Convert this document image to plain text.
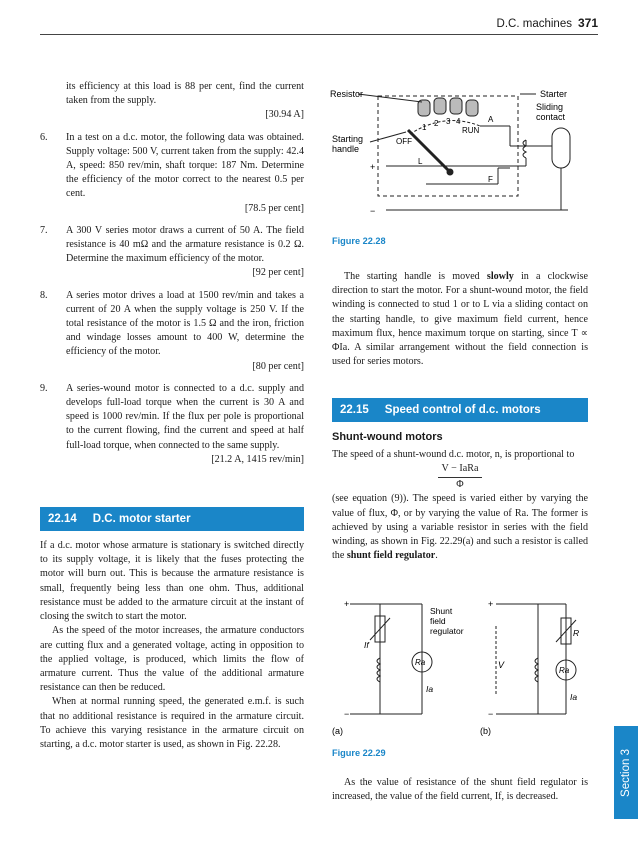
D.C. machines 371
Section 3

its efficiency at this load is 88 per cent, find the current taken from the supply.

[30.94 A]

6. In a test on a d.c. motor, the following data was obtained. Supply voltage: 500 V, current taken from the supply: 42.4 A, speed: 850 rev/min, shaft torque: 187 Nm. Determine the efficiency of the motor correct to the nearest 0.5 per cent.

[78.5 per cent]

7. A 300 V series motor draws a current of 50 A. The field resistance is 40 mΩ and the armature resistance is 0.2 Ω. Determine the maximum efficiency of the motor.

[92 per cent]

8. A series motor drives a load at 1500 rev/min and takes a current of 20 A when the supply voltage is 250 V. If the total resistance of the motor is 1.5 Ω and the iron, friction and windage losses amount to 400 W, determine the efficiency of the motor.

[80 per cent]

9. A series-wound motor is connected to a d.c. supply and develops full-load torque when the current is 30 A and speed is 1000 rev/min. If the flux per pole is proportional to the current flowing, find the current and speed at half full-load torque, when connected to the same supply.

[21.2 A, 1415 rev/min]

22.14 D.C. motor starter

If a d.c. motor whose armature is stationary is switched directly to its supply voltage, it is likely that the fuses protecting the motor will burn out. This is because the armature resistance is small, frequently being less than one ohm. Thus, additional resistance must be added to the armature circuit at the instant of closing the switch to start the motor.

As the speed of the motor increases, the armature conductors are cutting flux and a generated voltage, acting in opposition to the applied voltage, is produced, which limits the flow of armature current. Thus the value of the additional armature resistance can then be reduced.

When at normal running speed, the generated e.m.f. is such that no additional resistance is required in the armature circuit. To achieve this varying resistance in the armature circuit on starting, a d.c. motor starter is used, as shown in Fig. 22.28.

Resistor	Starter
Sliding
contact
Starting
handle
OFF
1 2 3 4
RUN
A
L
F
+
−
Figure 22.28

The starting handle is moved slowly in a clockwise direction to start the motor. For a shunt-wound motor, the field winding is connected to stud 1 or to L via a sliding contact on the starting handle, to give maximum field current, hence maximum flux, hence maximum torque on starting, since T ∝ ΦIa. A similar arrangement without the field connection is used for series motors.

22.15 Speed control of d.c. motors

Shunt-wound motors

The speed of a shunt-wound d.c. motor, n, is proportional to

V − IaRa
Φ

(see equation (9)). The speed is varied either by varying the value of flux, Φ, or by varying the value of Ra. The former is achieved by using a variable resistor in series with the field winding, as shown in Fig. 22.29(a) and such a resistor is called the shunt field regulator.

+
−
Shunt
field
regulator
If
Ra
Ia
(a)
+
−
R
V
Ra
Ia
(b)
Figure 22.29

As the value of resistance of the shunt field regulator is increased, the value of the field current, If, is decreased.
